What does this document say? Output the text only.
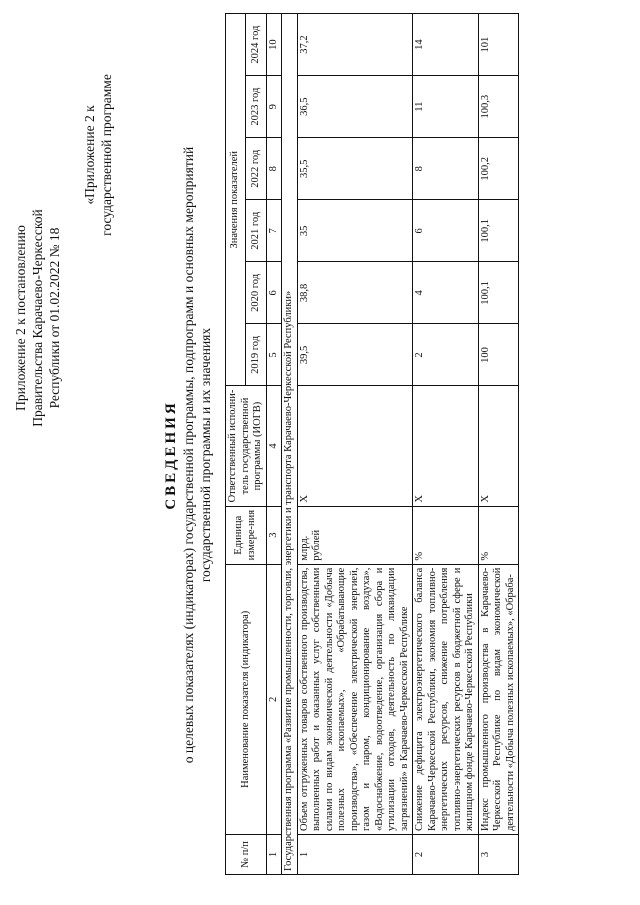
Приложение 2 к постановлению Правительства Карачаево-Черкесской Республики от 01.02.2022 № 18
«Приложение 2 к государственной программе
СВЕДЕНИЯ о целевых показателях (индикаторах) государственной программы, подпрограмм и основных мероприятий государственной программы и их значениях
№ п/п	Наименование показателя (индикатора)	Единица измере-ния	Ответственный исполни-тель государственной программы (ИОГВ)	Значения показателей					
				2019 год	2020 год	2021 год	2022 год	2023 год	2024 год
1	2	3	4	5	6	7	8	9	10
Государственная программа «Развитие промышленности, торговли, энергетики и транспорта Карачаево-Черкесской Республики»									
1	Объем отгруженных товаров собственного производства, выполненных работ и оказанных услуг собственными силами по видам экономической деятельности «Добыча полезных ископаемых», «Обрабатывающие производства», «Обеспечение электрической энергией, газом и паром, кондиционирование воздуха», «Водоснабжение, водоотведение, организация сбора и утилизации отходов, деятельность по ликвидации загрязнений» в Карачаево-Черкесской Республике	млрд. рублей	X	39,5	38,8	35	35,5	36,5	37,2
2	Снижение дефицита электроэнергетического баланса Карачаево-Черкесской Республики, экономия топливно-энергетических ресурсов, снижение потребления топливно-энергетических ресурсов в бюджетной сфере и жилищном фонде Карачаево-Черкесской Республики	%	X	2	4	6	8	11	14
3	Индекс промышленного производства в Карачаево-Черкесской Республике по видам экономической деятельности «Добыча полезных ископаемых», «Обраба-	%	X	100	100,1	100,1	100,2	100,3	101
